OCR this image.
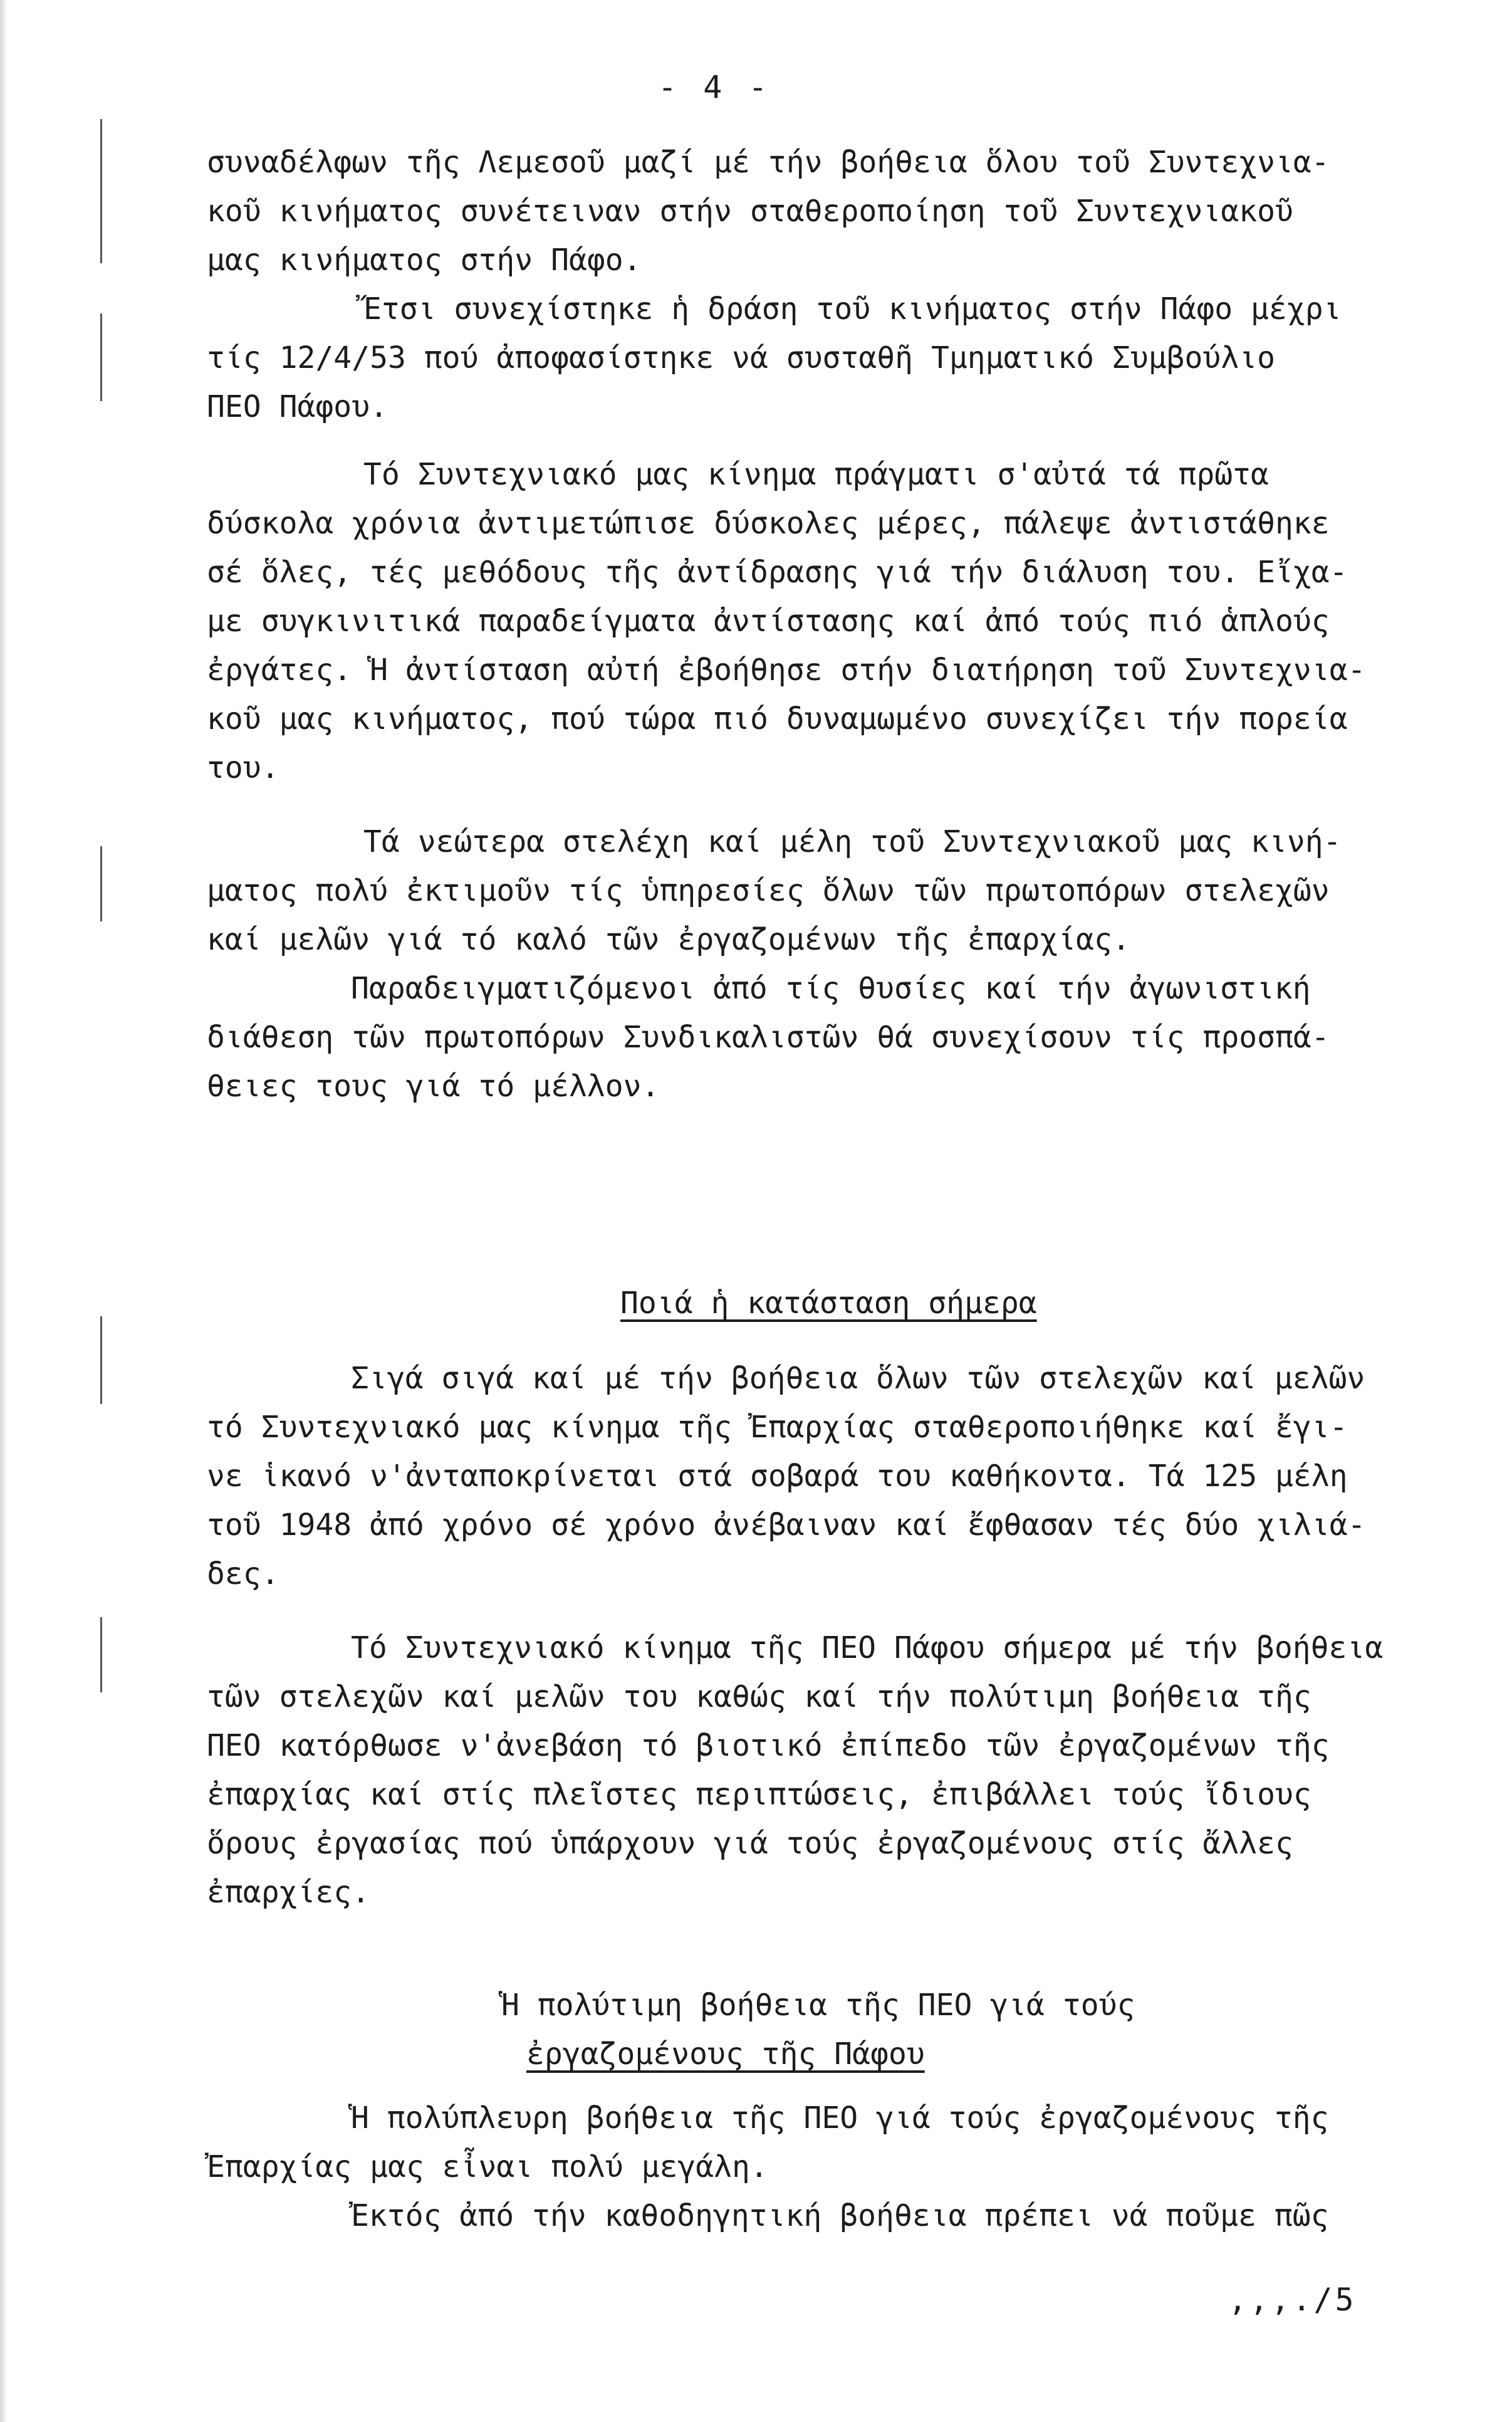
- 4 -
συναδέλφων τῆς Λεμεσοῦ μαζί μέ τήν βοήθεια ὅλου τοῦ Συντεχνια-
κοῦ κινήματος συνέτειναν στήν σταθεροποίηση τοῦ Συντεχνιακοῦ
μας κινήματος στήν Πάφο.
Ἔτσι συνεχίστηκε ἡ δράση τοῦ κινήματος στήν Πάφο μέχρι
τίς 12/4/53 πού ἀποφασίστηκε νά συσταθῆ Τμηματικό Συμβούλιο
ΠΕΟ Πάφου.
Τό Συντεχνιακό μας κίνημα πράγματι σ'αὐτά τά πρῶτα
δύσκολα χρόνια ἀντιμετώπισε δύσκολες μέρες, πάλεψε ἀντιστάθηκε
σέ ὅλες, τές μεθόδους τῆς ἀντίδρασης γιά τήν διάλυση του. Εἴχα-
με συγκινιτικά παραδείγματα ἀντίστασης καί ἀπό τούς πιό ἁπλούς
ἐργάτες. Ἡ ἀντίσταση αὐτή ἐβοήθησε στήν διατήρηση τοῦ Συντεχνια-
κοῦ μας κινήματος, πού τώρα πιό δυναμωμένο συνεχίζει τήν πορεία
του.
Τά νεώτερα στελέχη καί μέλη τοῦ Συντεχνιακοῦ μας κινή-
ματος πολύ ἐκτιμοῦν τίς ὑπηρεσίες ὅλων τῶν πρωτοπόρων στελεχῶν
καί μελῶν γιά τό καλό τῶν ἐργαζομένων τῆς ἐπαρχίας.
Παραδειγματιζόμενοι ἀπό τίς θυσίες καί τήν ἀγωνιστική
διάθεση τῶν πρωτοπόρων Συνδικαλιστῶν θά συνεχίσουν τίς προσπά-
θειες τους γιά τό μέλλον.
Ποιά ἡ κατάσταση σήμερα
Σιγά σιγά καί μέ τήν βοήθεια ὅλων τῶν στελεχῶν καί μελῶν
τό Συντεχνιακό μας κίνημα τῆς Ἐπαρχίας σταθεροποιήθηκε καί ἔγι-
νε ἱκανό ν'ἀνταποκρίνεται στά σοβαρά του καθήκοντα. Τά 125 μέλη
τοῦ 1948 ἀπό χρόνο σέ χρόνο ἀνέβαιναν καί ἔφθασαν τές δύο χιλιά-
δες.
Τό Συντεχνιακό κίνημα τῆς ΠΕΟ Πάφου σήμερα μέ τήν βοήθεια
τῶν στελεχῶν καί μελῶν του καθώς καί τήν πολύτιμη βοήθεια τῆς
ΠΕΟ κατόρθωσε ν'ἀνεβάση τό βιοτικό ἐπίπεδο τῶν ἐργαζομένων τῆς
ἐπαρχίας καί στίς πλεῖστες περιπτώσεις, ἐπιβάλλει τούς ἴδιους
ὅρους ἐργασίας πού ὑπάρχουν γιά τούς ἐργαζομένους στίς ἄλλες
ἐπαρχίες.
Ἡ πολύτιμη βοήθεια τῆς ΠΕΟ γιά τούς
ἐργαζομένους τῆς Πάφου
Ἡ πολύπλευρη βοήθεια τῆς ΠΕΟ γιά τούς ἐργαζομένους τῆς
Ἐπαρχίας μας εἶναι πολύ μεγάλη.
Ἐκτός ἀπό τήν καθοδηγητική βοήθεια πρέπει νά ποῦμε πῶς
,,,./5
